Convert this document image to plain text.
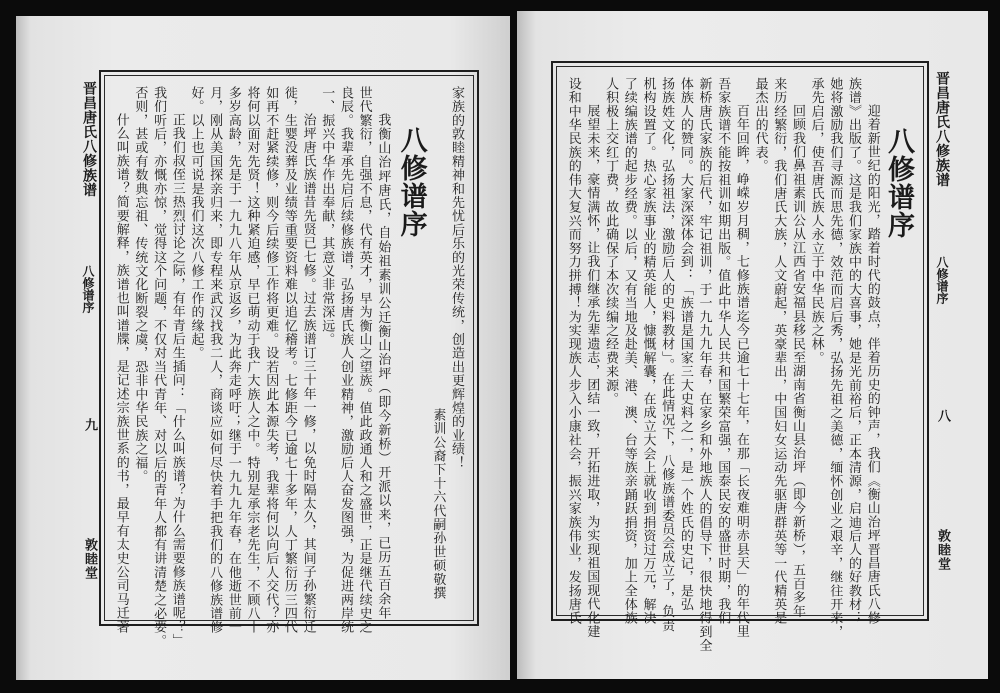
家族的敦睦精神和先忧后乐的光荣传统，创造出更辉煌的业绩！
素训公裔下十六代嗣孙世硕敬撰
八修谱序
我衡山治坪唐氏，自始祖素训公迁衡山治坪（即今新桥）开派以来，已历五百余年
世代繁衍，自强不息，代有英才，早为衡山之望族。值此政通人和之盛世，正是继代续史之
良辰。我辈承先启后续修族谱，弘扬唐氏族人创业精神，激励后人奋发图强，为促进两岸统
一、振兴中华作出奉献，其意义非常深远。
治坪唐氏族谱昔先贤已七修。过去族谱订三十年一修，以免时隔太久，其间子孙繁衍迁
徙，生婴没葬及业绩等重要资料难以追忆稽考。七修距今已逾七十多年，人丁繁衍历三四代
如再不赶紧续修，则今后续修工作将更难。设若因此本源失考，我辈将何以向后人交代？亦
将何以面对先贤！这种紧迫感，早已萌动于我广大族人之中。特别是承宗老先生，不顾八十
多岁高龄，先是于一九九八年从京返乡，为此奔走呼吁；继于一九九九年春，在他逝世前一
月，刚从美国探亲归来，即专程来武汉找我二人，商谈应如何尽快着手把我们的八修族谱修
好。以上也可说是我们这次八修工作的缘起。
正我们叔侄三热烈讨论之际，有年青后生插问：「什么叫族谱？为什么需要修族谱呢？」
我们听后，亦慨亦惊，觉得这个问题，不仅对当代青年、对以后的青年人都有讲清楚之必要。
否则，甚或有数典忘祖、传统文化断裂之虞，恐非中华民族之福。
什么叫族谱？简要解释，族谱也叫谱牒，是记述宗族世系的书，最早有太史公司马迁著
晋昌唐氏八修族谱
八修谱序
九
敦睦堂
八修谱序
迎着新世纪的阳光，踏着时代的鼓点，伴着历史的钟声，我们《衡山治坪晋昌唐氏八修
族谱》出版了。这是我们家族中的大喜事，她是光前裕后，正本清源，启迪后人的好教材；
她将激励我们寻源而思先德，效范而启后秀，弘扬先祖之美德，缅怀创业之艰辛，继往开来，
承先启后，使吾唐氏族人永立于中华民族之林。
回顾我们鼻祖素训公从江西省安福县移民至湖南省衡山县治坪（即今新桥），五百多年
来历经繁衍，我们唐氏大族，人文蔚起，英豪辈出，中国妇女运动先驱唐群英等一代精英是
最杰出的代表。
百年回眸，峥嵘岁月稠，七修族谱迄今已逾七十七年，在那「长夜难明赤县天」的年代里
吾家族谱不能按祖训如期出版。值此中华人民共和国繁荣富强，国泰民安的盛世时期，我们
新桥唐氏家族的后代，牢记祖训，于一九九九年春，在家乡和外地族人的倡导下，很快地得到全
体族人的赞同。大家深深体会到：「族谱是国家三大史料之一，是一个姓氏的史记，是弘
扬族姓文化，弘扬祖法，激励后人的史料教材」。在此情况下，八修族谱委员会成立了，负责
机构设置了。热心家族事业的精英能人，慷慨解囊，在成立大会上就收到捐资过万元，解决
了续编族谱的起步经费。以后，又有当地及赴美、港、澳、台等族亲踊跃捐资，加上全体族
人积极上交红丁费，故此确保了本次续编之经费来源。
展望未来，豪情满怀，让我们继承先辈遗志，团结一致，开拓进取，为实现祖国现代化建
设和中华民族的伟大复兴而努力拼搏！为实现族人步入小康社会，振兴家族伟业，发扬唐氏	晋昌唐氏八修族谱
八修谱序
八
敦睦堂
